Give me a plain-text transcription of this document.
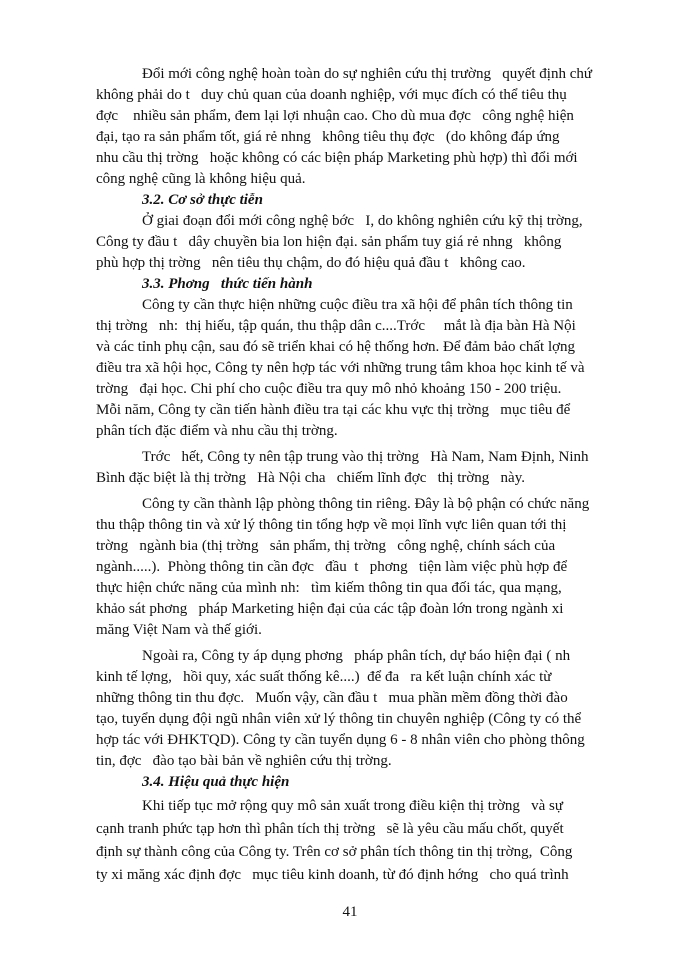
Đổi mới công nghệ hoàn toàn do sự nghiên cứu thị trường   quyết định chứ
không phải do t   duy chủ quan của doanh nghiệp, với mục đích có thể tiêu thụ
đợc    nhiều sản phẩm, đem lại lợi nhuận cao. Cho dù mua đợc   công nghệ hiện
đại, tạo ra sản phẩm tốt, giá rẻ nhng   không tiêu thụ đợc   (do không đáp ứng
nhu cầu thị trờng   hoặc không có các biện pháp Marketing phù hợp) thì đổi mới
công nghệ cũng là không hiệu quả.
3.2. Cơ sở thực tiễn
Ở giai đoạn đổi mới công nghệ bớc   I, do không nghiên cứu kỹ thị trờng,
Công ty đầu t   dây chuyền bia lon hiện đại. sản phẩm tuy giá rẻ nhng   không
phù hợp thị trờng   nên tiêu thụ chậm, do đó hiệu quả đầu t   không cao.
3.3. Phơng   thức tiến hành
Công ty cần thực hiện những cuộc điều tra xã hội để phân tích thông tin
thị trờng   nh:  thị hiếu, tập quán, thu thập dân c....Trớc     mắt là địa bàn Hà Nội
và các tỉnh phụ cận, sau đó sẽ triển khai có hệ thống hơn. Để đảm bảo chất lợng
điều tra xã hội học, Công ty nên hợp tác với những trung tâm khoa học kinh tế và
trờng   đại học. Chi phí cho cuộc điều tra quy mô nhỏ khoảng 150 - 200 triệu.
Mỗi năm, Công ty cần tiến hành điều tra tại các khu vực thị trờng   mục tiêu để
phân tích đặc điểm và nhu cầu thị trờng.
Trớc   hết, Công ty nên tập trung vào thị trờng   Hà Nam, Nam Định, Ninh
Bình đặc biệt là thị trờng   Hà Nội cha   chiếm lĩnh đợc   thị trờng   này.
Công ty cần thành lập phòng thông tin riêng. Đây là bộ phận có chức năng
thu thập thông tin và xử lý thông tin tổng hợp về mọi lĩnh vực liên quan tới thị
trờng   ngành bia (thị trờng   sản phẩm, thị trờng   công nghệ, chính sách của
ngành.....).  Phòng thông tin cần đợc   đầu  t   phơng   tiện làm việc phù hợp để
thực hiện chức năng của mình nh:   tìm kiếm thông tin qua đối tác, qua mạng,
khảo sát phơng   pháp Marketing hiện đại của các tập đoàn lớn trong ngành xi
măng Việt Nam và thế giới.
Ngoài ra, Công ty áp dụng phơng   pháp phân tích, dự báo hiện đại ( nh
kinh tế lợng,   hồi quy, xác suất thống kê....)  để đa   ra kết luận chính xác từ
những thông tin thu đợc.   Muốn vậy, cần đầu t   mua phần mềm đồng thời đào
tạo, tuyển dụng đội ngũ nhân viên xử lý thông tin chuyên nghiệp (Công ty có thể
hợp tác với ĐHKTQD). Công ty cần tuyển dụng 6 - 8 nhân viên cho phòng thông
tin, đợc   đào tạo bài bản về nghiên cứu thị trờng.
3.4. Hiệu quả thực hiện
Khi tiếp tục mở rộng quy mô sản xuất trong điều kiện thị trờng   và sự
cạnh tranh phức tạp hơn thì phân tích thị trờng   sẽ là yêu cầu mấu chốt, quyết
định sự thành công của Công ty. Trên cơ sở phân tích thông tin thị trờng,  Công
ty xi măng xác định đợc   mục tiêu kinh doanh, từ đó định hớng   cho quá trình
41
